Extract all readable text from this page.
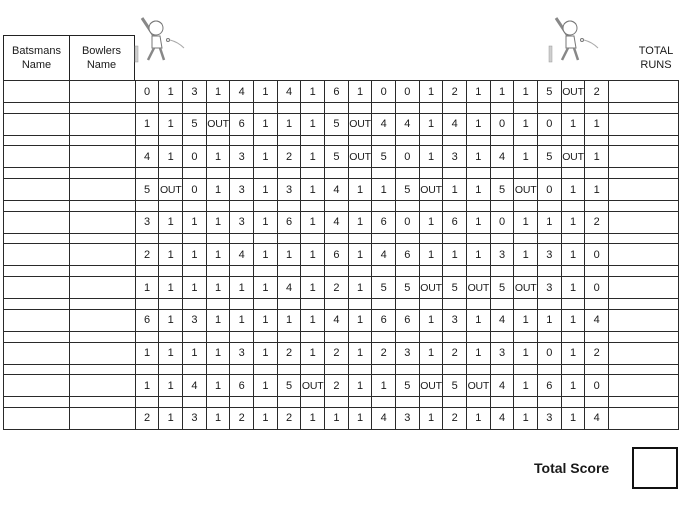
Batsmans Name
Bowlers Name
TOTAL RUNS
		0	1	3	1	4	1	4	1	6	1	0	0	1	2	1	1	1	5	OUT	2	

		1	1	5	OUT	6	1	1	1	5	OUT	4	4	1	4	1	0	1	0	1	1	

		4	1	0	1	3	1	2	1	5	OUT	5	0	1	3	1	4	1	5	OUT	1	

		5	OUT	0	1	3	1	3	1	4	1	1	5	OUT	1	1	5	OUT	0	1	1	

		3	1	1	1	3	1	6	1	4	1	6	0	1	6	1	0	1	1	1	2	

		2	1	1	1	4	1	1	1	6	1	4	6	1	1	1	3	1	3	1	0	

		1	1	1	1	1	1	4	1	2	1	5	5	OUT	5	OUT	5	OUT	3	1	0	

		6	1	3	1	1	1	1	1	4	1	6	6	1	3	1	4	1	1	1	4	

		1	1	1	1	3	1	2	1	2	1	2	3	1	2	1	3	1	0	1	2	

		1	1	4	1	6	1	5	OUT	2	1	1	5	OUT	5	OUT	4	1	6	1	0	

		2	1	3	1	2	1	2	1	1	1	4	3	1	2	1	4	1	3	1	4	
Total Score
